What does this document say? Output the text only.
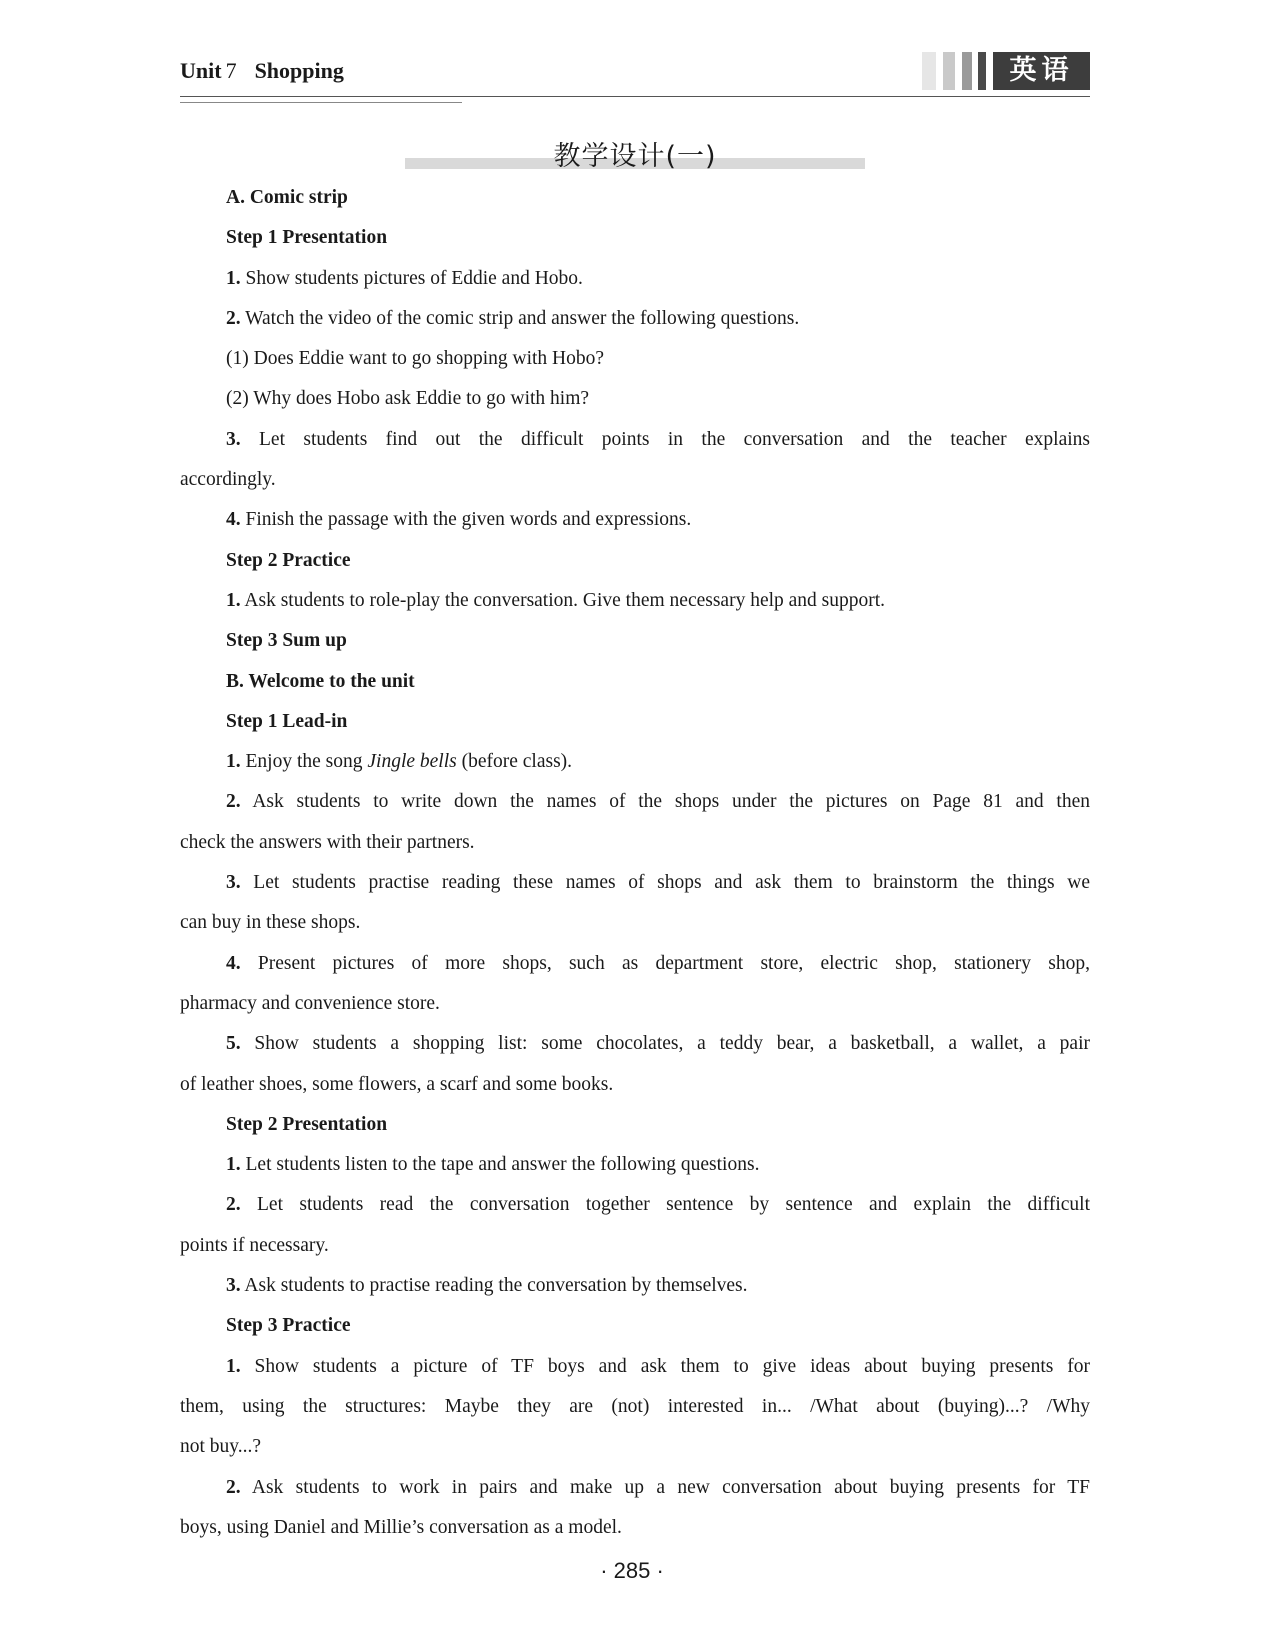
Unit 7 Shopping	英语
教学设计(一)

A. Comic strip

Step 1 Presentation

1. Show students pictures of Eddie and Hobo.

2. Watch the video of the comic strip and answer the following questions.

(1) Does Eddie want to go shopping with Hobo?

(2) Why does Hobo ask Eddie to go with him?

3. Let students find out the difficult points in the conversation and the teacher explains

accordingly.

4. Finish the passage with the given words and expressions.

Step 2 Practice

1. Ask students to role-play the conversation. Give them necessary help and support.

Step 3 Sum up

B. Welcome to the unit

Step 1 Lead-in

1. Enjoy the song Jingle bells (before class).

2. Ask students to write down the names of the shops under the pictures on Page 81 and then

check the answers with their partners.

3. Let students practise reading these names of shops and ask them to brainstorm the things we

can buy in these shops.

4. Present pictures of more shops, such as department store, electric shop, stationery shop,

pharmacy and convenience store.

5. Show students a shopping list: some chocolates, a teddy bear, a basketball, a wallet, a pair

of leather shoes, some flowers, a scarf and some books.

Step 2 Presentation

1. Let students listen to the tape and answer the following questions.

2. Let students read the conversation together sentence by sentence and explain the difficult

points if necessary.

3. Ask students to practise reading the conversation by themselves.

Step 3 Practice

1. Show students a picture of TF boys and ask them to give ideas about buying presents for

them, using the structures: Maybe they are (not) interested in... /What about (buying)...? /Why

not buy...?

2. Ask students to work in pairs and make up a new conversation about buying presents for TF

boys, using Daniel and Millie’s conversation as a model.

· 285 ·
